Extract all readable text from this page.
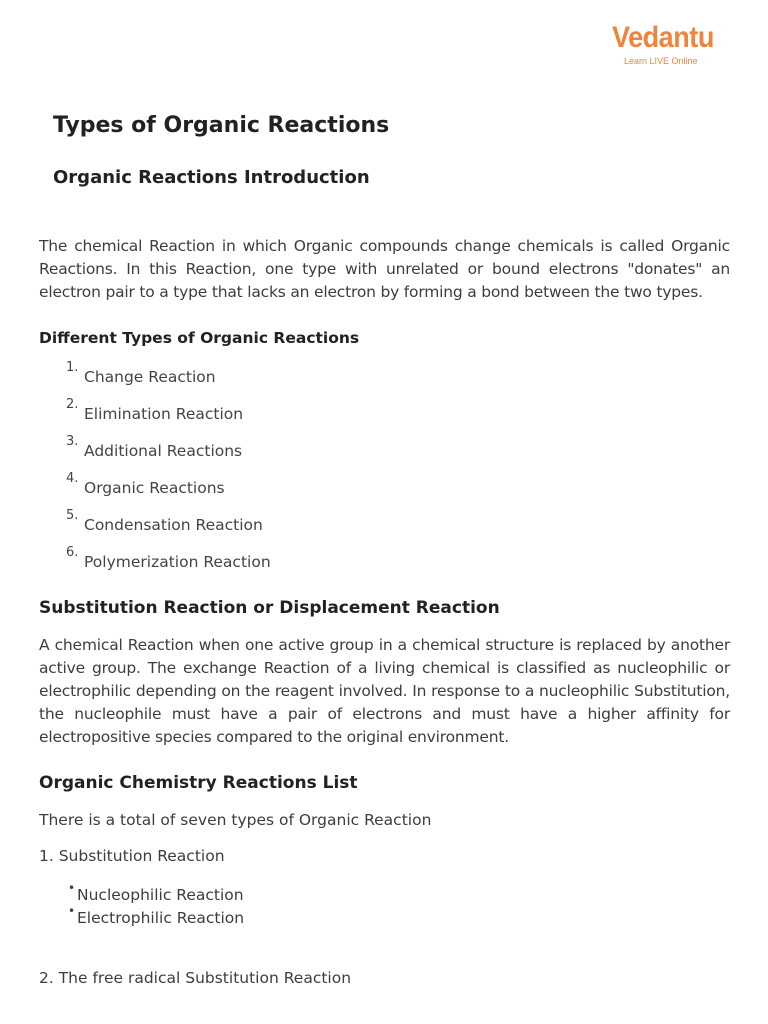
Vedantu
Learn LIVE Online
Types of Organic Reactions
Organic Reactions Introduction

The chemical Reaction in which Organic compounds change chemicals is called Organic Reactions. In this Reaction, one type with unrelated or bound electrons "donates" an electron pair to a type that lacks an electron by forming a bond between the two types.

Different Types of Organic Reactions
1.
Change Reaction
2.
Elimination Reaction
3.
Additional Reactions
4.
Organic Reactions
5.
Condensation Reaction
6.
Polymerization Reaction
Substitution Reaction or Displacement Reaction

A chemical Reaction when one active group in a chemical structure is replaced by another active group. The exchange Reaction of a living chemical is classified as nucleophilic or electrophilic depending on the reagent involved. In response to a nucleophilic Substitution, the nucleophile must have a pair of electrons and must have a higher affinity for electropositive species compared to the original environment.

Organic Chemistry Reactions List

There is a total of seven types of Organic Reaction

1. Substitution Reaction

• Nucleophilic Reaction
• Electrophilic Reaction

2. The free radical Substitution Reaction
